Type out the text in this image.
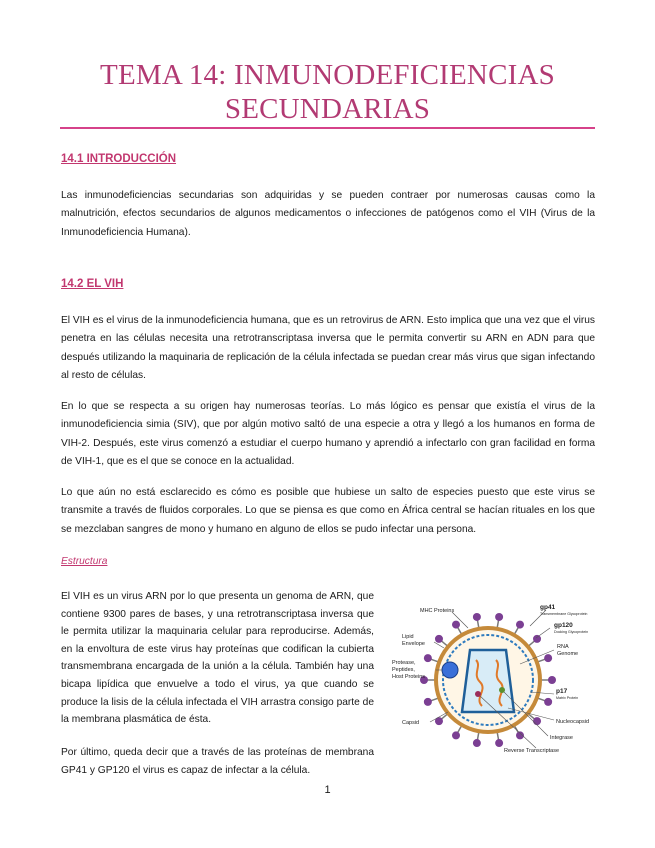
TEMA 14: INMUNODEFICIENCIAS
SECUNDARIAS
14.1 INTRODUCCIÓN

Las inmunodeficiencias secundarias son adquiridas y se pueden contraer por numerosas causas como la malnutrición, efectos secundarios de algunos medicamentos o infecciones de patógenos como el VIH (Virus de la Inmunodeficiencia Humana).

14.2 EL VIH

El VIH es el virus de la inmunodeficiencia humana, que es un retrovirus de ARN. Esto implica que una vez que el virus penetra en las células necesita una retrotranscriptasa inversa que le permita convertir su ARN en ADN para que después utilizando la maquinaria de replicación de la célula infectada se puedan crear más virus que sigan infectando al resto de células.

En lo que se respecta a su origen hay numerosas teorías. Lo más lógico es pensar que existía el virus de la inmunodeficiencia simia (SIV), que por algún motivo saltó de una especie a otra y llegó a los humanos en forma de VIH-2. Después, este virus comenzó a estudiar el cuerpo humano y aprendió a infectarlo con gran facilidad en forma de VIH-1, que es el que se conoce en la actualidad.

Lo que aún no está esclarecido es cómo es posible que hubiese un salto de especies puesto que este virus se transmite a través de fluidos corporales. Lo que se piensa es que como en África central se hacían rituales en los que se mezclaban sangres de mono y humano en alguno de ellos se pudo infectar una persona.

Estructura

El VIH es un virus ARN por lo que presenta un genoma de ARN, que contiene 9300 pares de bases, y una retrotranscriptasa inversa que le permita utilizar la maquinaria celular para reproducirse. Además, en la envoltura de este virus hay proteínas que codifican la cubierta transmembrana encargada de la unión a la célula. También hay una bicapa lipídica que envuelve a todo el virus, ya que cuando se produce la lisis de la célula infectada el VIH arrastra consigo parte de la membrana plasmática de ésta.

Por último, queda decir que a través de las proteínas de membrana GP41 y GP120 el virus es capaz de infectar a la célula.

MHC Proteins	gp41
Transmembrane Glycoprotein
gp120
Docking Glycoprotein
Lipid
Envelope	RNA
Genome
Protease,
Peptides,
Host Proteins
p17
Matrix Protein
Capsid	Nucleocapsid
Integrase
Reverse Transcriptase
1
